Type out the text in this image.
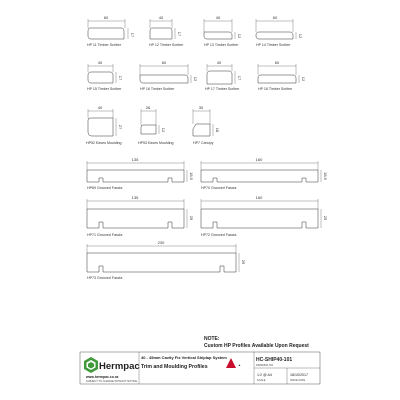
60
17
40
17
40
12
60
12
40
17
60
12
40
17
60
12
40
27
26
12
30
18
135
18.5
160
18.5
135
25
160
25
230
25
HP 11 Timber Scriber	HP 12 Timber Scriber	HP 13 Timber Scriber	HP 14 Timber Scriber
HP 15 Timber Scriber	HP 16 Timber Scriber	HP 17 Timber Scriber	HP 18 Timber Scriber
HP52 Eaves Moulding	HP53 Eaves Moulding	HP7 Canopy
HP69 Grooved Fascia	HP70 Grooved Fascia
HP71 Grooved Fascia	HP72 Grooved Fascia
HP73 Grooved Fascia
NOTE:
Custom HP Profiles Available Upon Request
Hermpac
www.hermpac.co.nz
SUBJECT TO CHANGE WITHOUT NOTICE
40 - 45mm Cavity Fix Vertical Shiplap System
Trim and Moulding Profiles	▲
HC-SHIP40-101
DRAWING NO.
1:2 @ A4
SCALE
18/10/2017
ISSUE DATE
